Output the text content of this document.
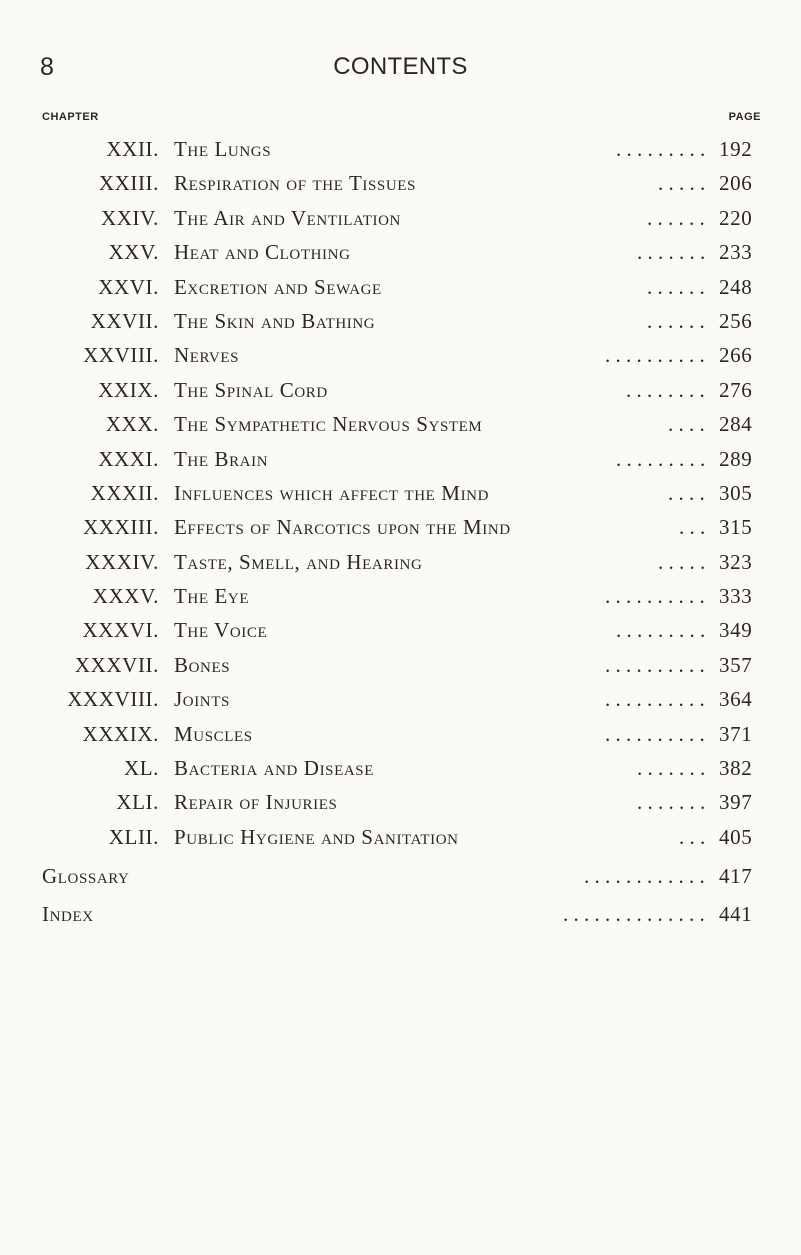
8	CONTENTS
CHAPTER	PAGE
XXII. The Lungs	. . . . . . . . . 192
XXIII. Respiration of the Tissues	. . . . . 206
XXIV. The Air and Ventilation	. . . . . . 220
XXV. Heat and Clothing	. . . . . . . 233
XXVI. Excretion and Sewage	. . . . . . 248
XXVII. The Skin and Bathing	. . . . . . 256
XXVIII. Nerves	. . . . . . . . . . 266
XXIX. The Spinal Cord	. . . . . . . . 276
XXX. The Sympathetic Nervous System	. . . . 284
XXXI. The Brain	. . . . . . . . . 289
XXXII. Influences which affect the Mind	. . . . 305
XXXIII. Effects of Narcotics upon the Mind	. . . 315
XXXIV. Taste, Smell, and Hearing	. . . . . 323
XXXV. The Eye	. . . . . . . . . . 333
XXXVI. The Voice	. . . . . . . . . 349
XXXVII. Bones	. . . . . . . . . . 357
XXXVIII. Joints	. . . . . . . . . . 364
XXXIX. Muscles	. . . . . . . . . . 371
XL. Bacteria and Disease	. . . . . . . 382
XLI. Repair of Injuries	. . . . . . . 397
XLII. Public Hygiene and Sanitation	. . . 405
Glossary	. . . . . . . . . . . . 417
Index	. . . . . . . . . . . . . . 441
